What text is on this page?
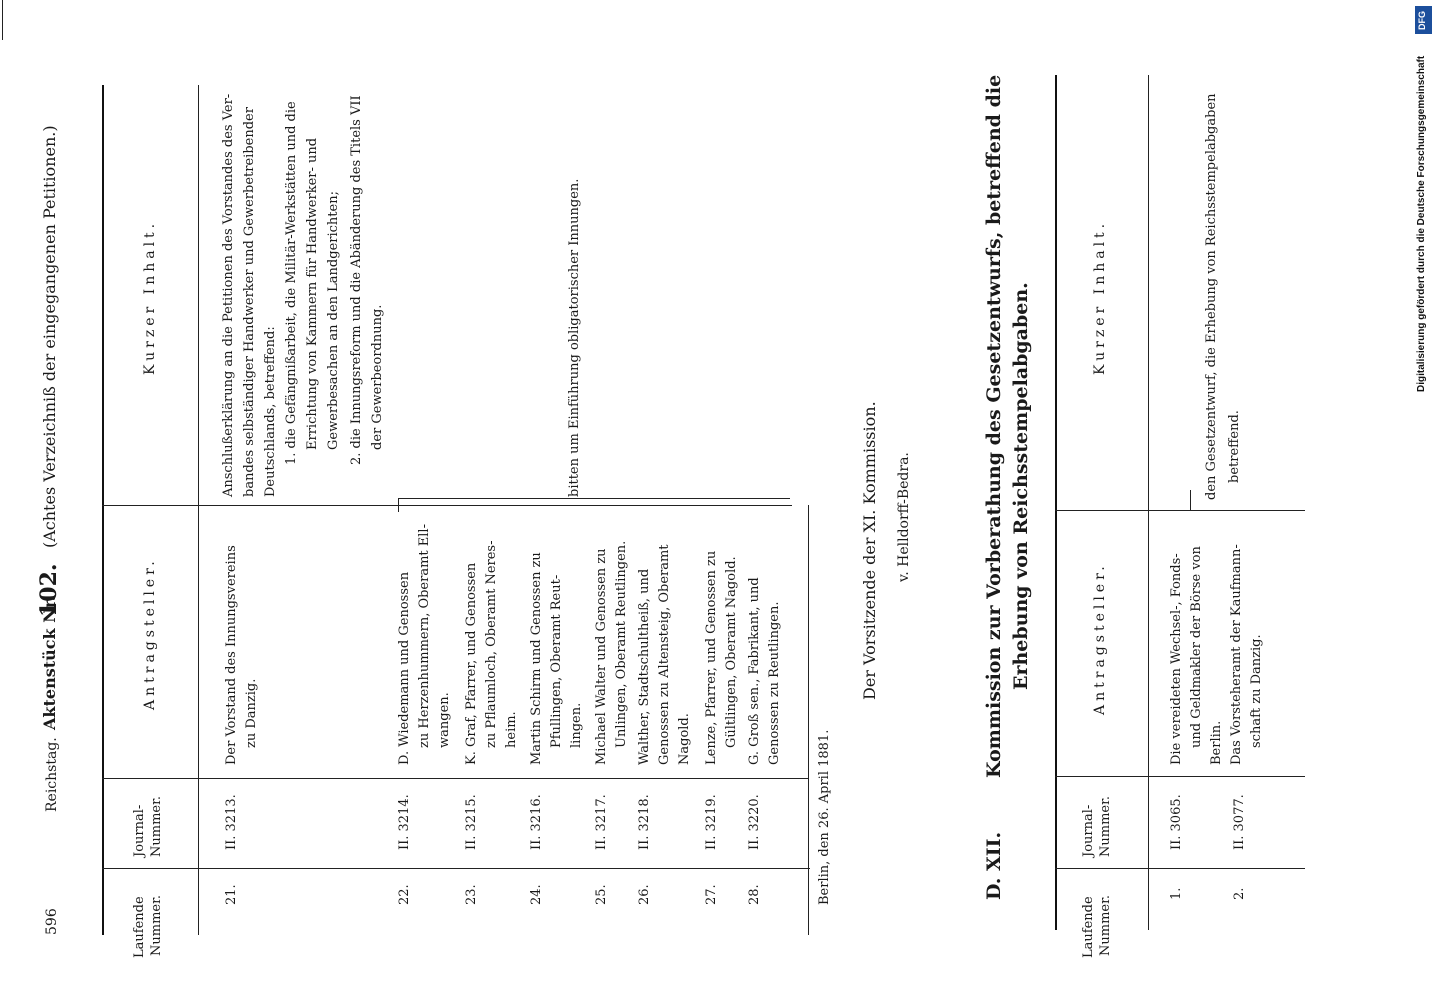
596
Reichstag.
Aktenstück Nr.
102.
(Achtes Verzeichniß der eingegangenen Petitionen.)
Laufende Nummer.
Journal- Nummer.
Antragsteller.
Kurzer Inhalt.
21.
II. 3213.
Der Vorstand des Innungsvereins zu Danzig.
Anschlußerklärung an die Petitionen des Vorstandes des Ver- bandes selbständiger Handwerker und Gewerbetreibender Deutschlands, betreffend: 1. die Gefängnißarbeit, die Militär-Werkstätten und die Errichtung von Kammern für Handwerker- und Gewerbesachen an den Landgerichten; 2. die Innungsreform und die Abänderung des Titels VII der Gewerbeordnung.
22.
II. 3214.
D. Wiedemann und Genossen zu Herzenhummern, Oberamt Ell- wangen.
23.
II. 3215.
K. Graf, Pfarrer, und Genossen zu Pflaumloch, Oberamt Neres- heim.
24.
II. 3216.
Martin Schirm und Genossen zu Pfullingen, Oberamt Reut- lingen.
bitten um Einführung obligatorischer Innungen.
25.
II. 3217.
Michael Walter und Genossen zu Unlingen, Oberamt Reutlingen.
26.
II. 3218.
Walther, Stadtschultheiß, und Genossen zu Altensteig, Oberamt Nagold.
27.
II. 3219.
Lenze, Pfarrer, und Genossen zu Gültlingen, Oberamt Nagold.
28.
II. 3220.
G. Groß sen., Fabrikant, und Genossen zu Reutlingen.
Berlin, den 26. April 1881.
Der Vorsitzende der XI. Kommission. v. Helldorff-Bedra.
D. XII.
Kommission zur Vorberathung des Gesetzentwurfs, betreffend die Erhebung von Reichsstempelabgaben.
Laufende Nummer.
Journal- Nummer.
Antragsteller.
Kurzer Inhalt.
1.
II. 3065.
Die vereideten Wechsel-, Fonds- und Geldmakler der Börse von Berlin.
2.
II. 3077.
Das Vorsteheramt der Kaufmann- schaft zu Danzig.
den Gesetzentwurf, die Erhebung von Reichsstempelabgaben betreffend.
Digitalisierung gefördert durch die Deutsche Forschungsgemeinschaft
DFG
